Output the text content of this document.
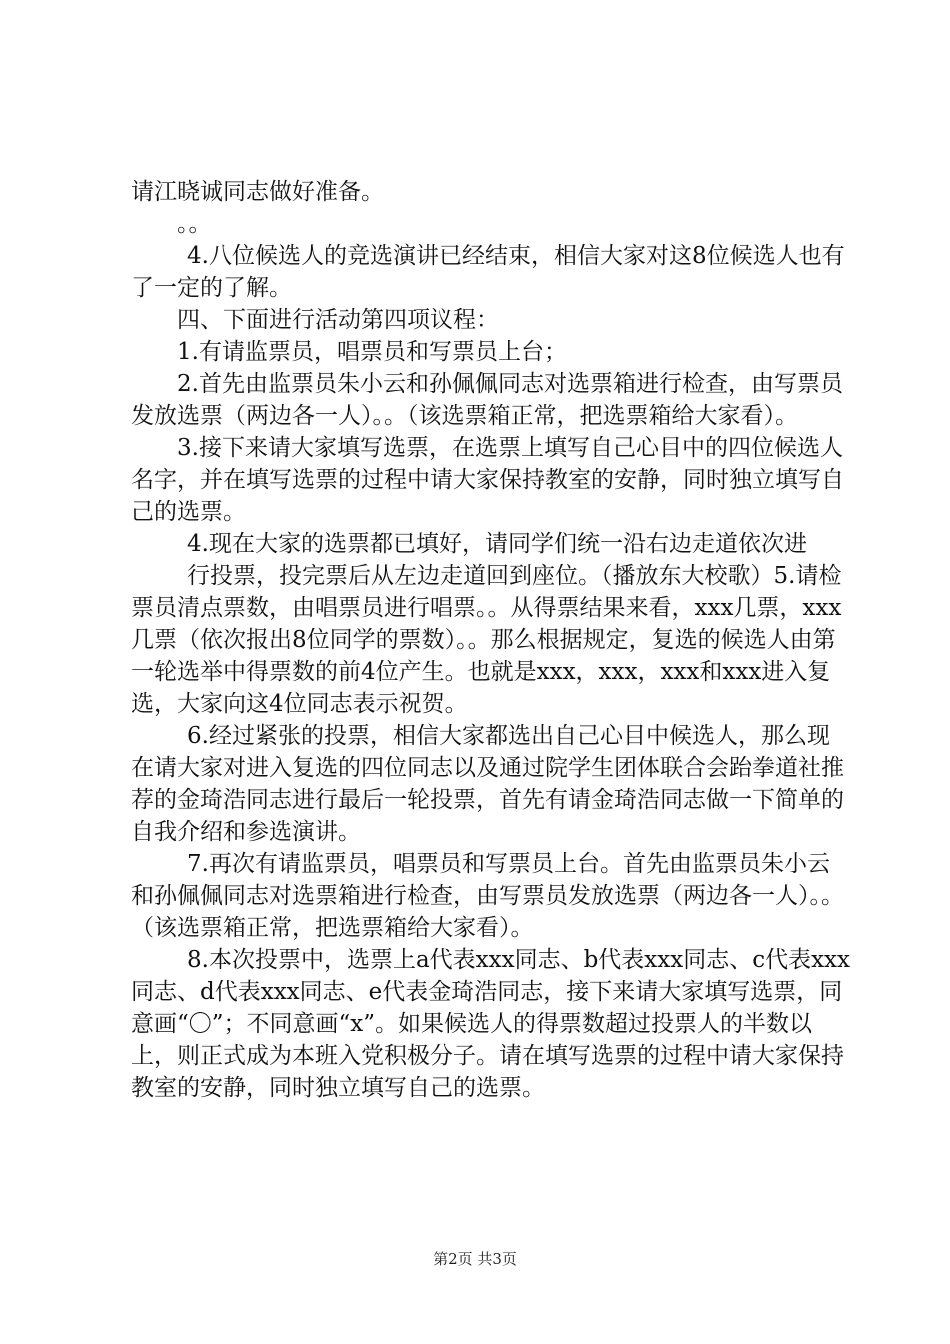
请江晓诚同志做好准备。

。。

4.八位候选人的竞选演讲已经结束，相信大家对这8位候选人也有了一定的了解。

四、下面进行活动第四项议程：

1.有请监票员，唱票员和写票员上台；

2.首先由监票员朱小云和孙佩佩同志对选票箱进行检查，由写票员发放选票（两边各一人）。。（该选票箱正常，把选票箱给大家看）。

3.接下来请大家填写选票，在选票上填写自己心目中的四位候选人名字，并在填写选票的过程中请大家保持教室的安静，同时独立填写自己的选票。

4.现在大家的选票都已填好，请同学们统一沿右边走道依次进

行投票，投完票后从左边走道回到座位。（播放东大校歌）5.请检票员清点票数，由唱票员进行唱票。。从得票结果来看，xxx几票，xxx几票（依次报出8位同学的票数）。。那么根据规定，复选的候选人由第一轮选举中得票数的前4位产生。也就是xxx，xxx，xxx和xxx进入复选，大家向这4位同志表示祝贺。

6.经过紧张的投票，相信大家都选出自己心目中候选人，那么现在请大家对进入复选的四位同志以及通过院学生团体联合会跆拳道社推荐的金琦浩同志进行最后一轮投票，首先有请金琦浩同志做一下简单的自我介绍和参选演讲。

7.再次有请监票员，唱票员和写票员上台。首先由监票员朱小云和孙佩佩同志对选票箱进行检查，由写票员发放选票（两边各一人）。。（该选票箱正常，把选票箱给大家看）。

8.本次投票中，选票上a代表xxx同志、b代表xxx同志、c代表xxx同志、d代表xxx同志、e代表金琦浩同志，接下来请大家填写选票，同意画“〇”；不同意画“x”。如果候选人的得票数超过投票人的半数以上，则正式成为本班入党积极分子。请在填写选票的过程中请大家保持教室的安静，同时独立填写自己的选票。

第2页 共3页
